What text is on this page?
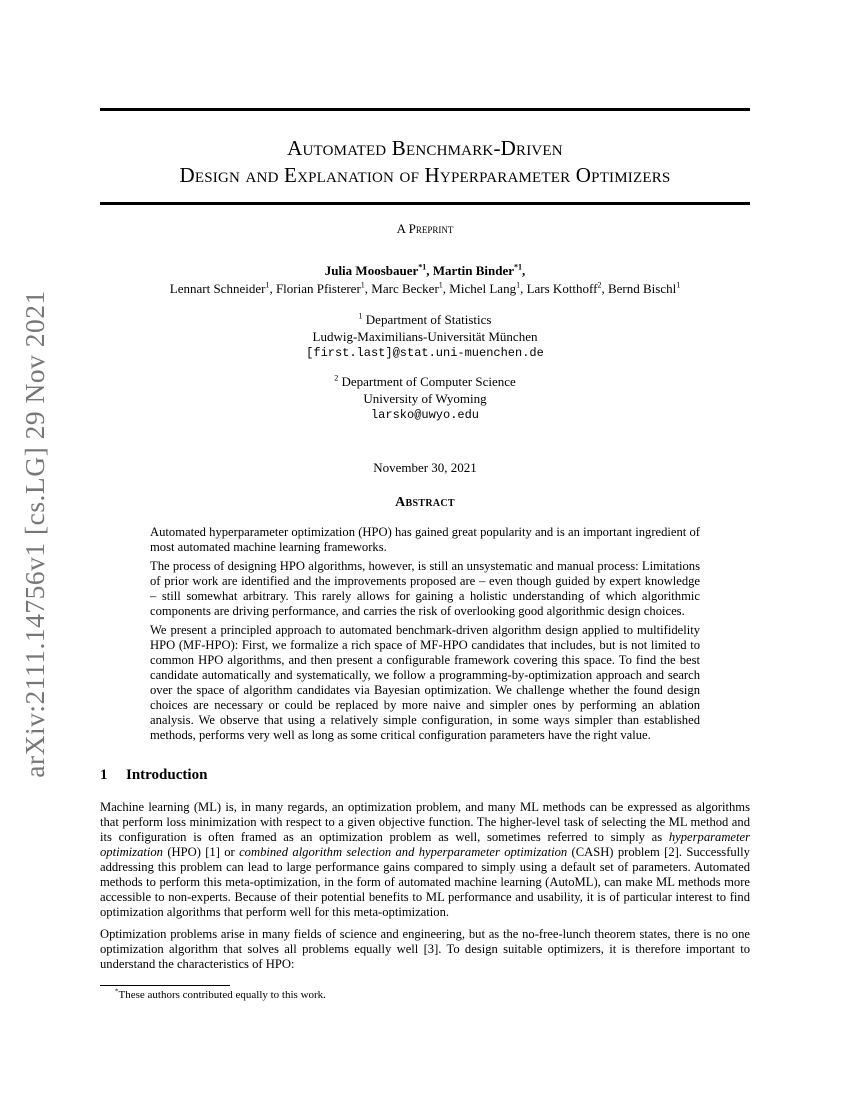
arXiv:2111.14756v1 [cs.LG] 29 Nov 2021
Automated Benchmark-Driven
Design and Explanation of Hyperparameter Optimizers
A Preprint
Julia Moosbauer$^{*1}$, Martin Binder$^{*1}$,
Lennart Schneider$^1$, Florian Pfisterer$^1$, Marc Becker$^1$, Michel Lang$^1$, Lars Kotthoff$^2$, Bernd Bischl$^1$
$^1$ Department of Statistics
Ludwig-Maximilians-Universität München
[first.last]@stat.uni-muenchen.de
$^2$ Department of Computer Science
University of Wyoming
larsko@uwyo.edu
November 30, 2021
Abstract

Automated hyperparameter optimization (HPO) has gained great popularity and is an important ingredient of most automated machine learning frameworks.

The process of designing HPO algorithms, however, is still an unsystematic and manual process: Limitations of prior work are identified and the improvements proposed are – even though guided by expert knowledge – still somewhat arbitrary. This rarely allows for gaining a holistic understanding of which algorithmic components are driving performance, and carries the risk of overlooking good algorithmic design choices.

We present a principled approach to automated benchmark-driven algorithm design applied to multifidelity HPO (MF-HPO): First, we formalize a rich space of MF-HPO candidates that includes, but is not limited to common HPO algorithms, and then present a configurable framework covering this space. To find the best candidate automatically and systematically, we follow a programming-by-optimization approach and search over the space of algorithm candidates via Bayesian optimization. We challenge whether the found design choices are necessary or could be replaced by more naive and simpler ones by performing an ablation analysis. We observe that using a relatively simple configuration, in some ways simpler than established methods, performs very well as long as some critical configuration parameters have the right value.

1 Introduction

Machine learning (ML) is, in many regards, an optimization problem, and many ML methods can be expressed as algorithms that perform loss minimization with respect to a given objective function. The higher-level task of selecting the ML method and its configuration is often framed as an optimization problem as well, sometimes referred to simply as hyperparameter optimization (HPO) [1] or combined algorithm selection and hyperparameter optimization (CASH) problem [2]. Successfully addressing this problem can lead to large performance gains compared to simply using a default set of parameters. Automated methods to perform this meta-optimization, in the form of automated machine learning (AutoML), can make ML methods more accessible to non-experts. Because of their potential benefits to ML performance and usability, it is of particular interest to find optimization algorithms that perform well for this meta-optimization.

Optimization problems arise in many fields of science and engineering, but as the no-free-lunch theorem states, there is no one optimization algorithm that solves all problems equally well [3]. To design suitable optimizers, it is therefore important to understand the characteristics of HPO:

*These authors contributed equally to this work.
